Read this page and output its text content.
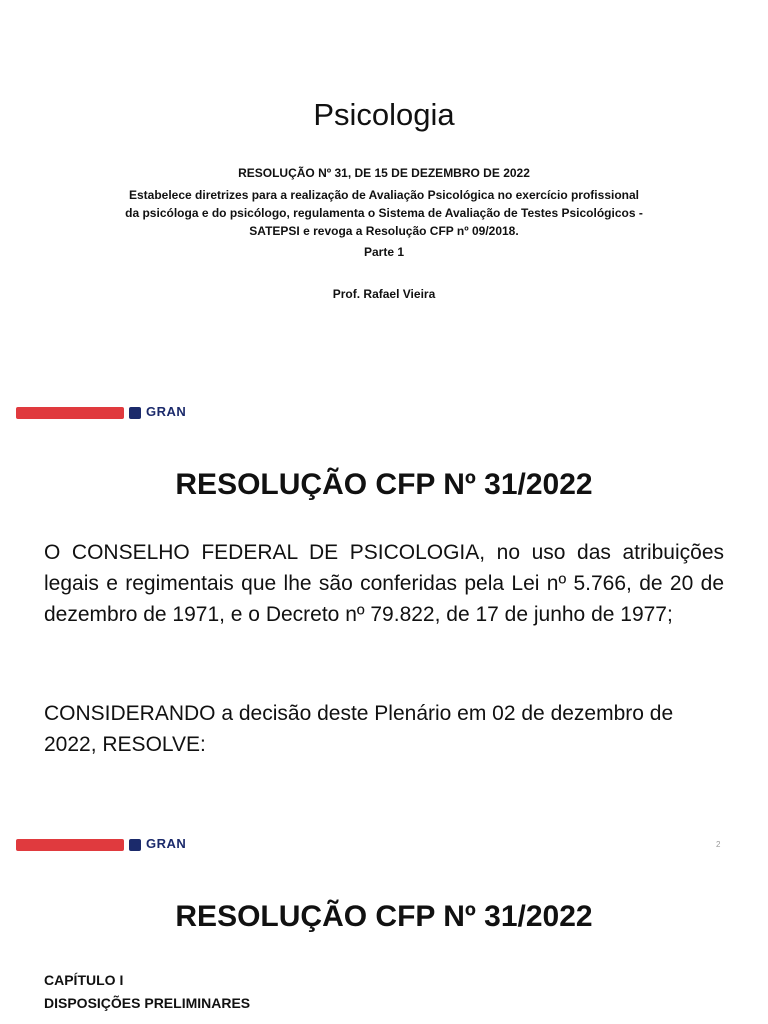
Psicologia
RESOLUÇÃO Nº 31, DE 15 DE DEZEMBRO DE 2022
Estabelece diretrizes para a realização de Avaliação Psicológica no exercício profissional
da psicóloga e do psicólogo, regulamenta o Sistema de Avaliação de Testes Psicológicos -
SATEPSI e revoga a Resolução CFP nº 09/2018.
Parte 1
Prof. Rafael Vieira
GRAN
RESOLUÇÃO CFP Nº 31/2022
O CONSELHO FEDERAL DE PSICOLOGIA, no uso das atribuições legais e regimentais que lhe são conferidas pela Lei nº 5.766, de 20 de dezembro de 1971, e o Decreto nº 79.822, de 17 de junho de 1977;
CONSIDERANDO a decisão deste Plenário em 02 de dezembro de 2022, RESOLVE:
GRAN	2
RESOLUÇÃO CFP Nº 31/2022
CAPÍTULO I
DISPOSIÇÕES PRELIMINARES
